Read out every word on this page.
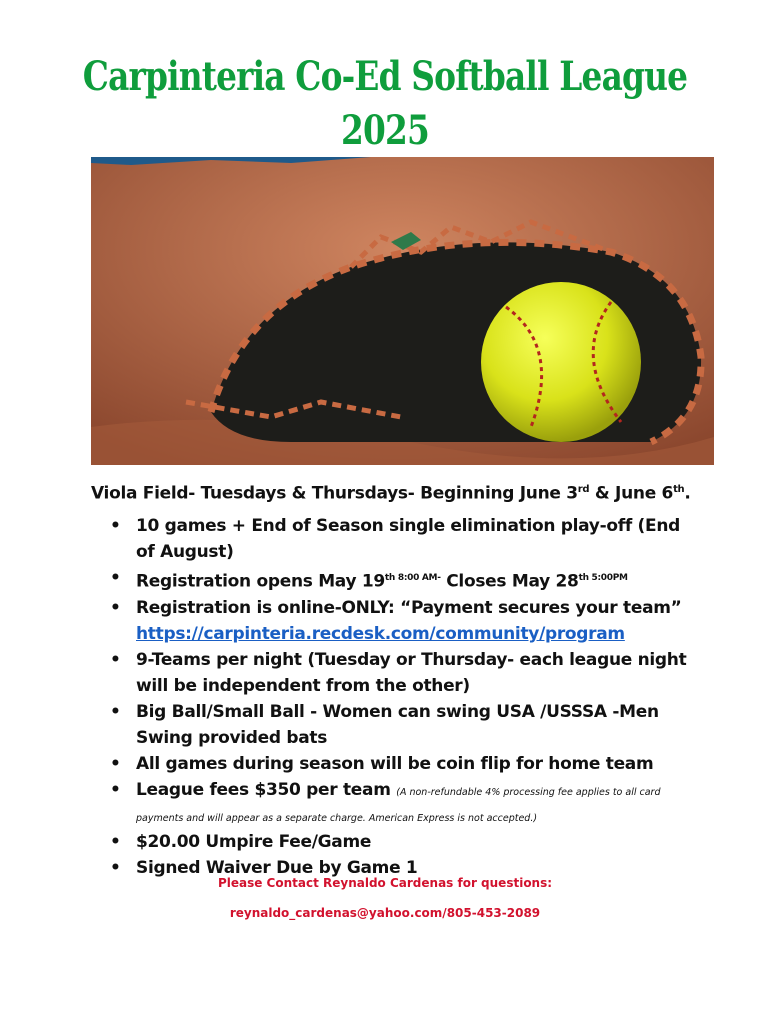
Carpinteria Co-Ed Softball League
2025
Viola Field- Tuesdays & Thursdays- Beginning June 3rd & June 6th.
• 10 games + End of Season single elimination play-off (End of August)
• Registration opens May $19^{th 8:00 AM-}$ Closes May $28^{th 5:00PM}$
• Registration is online-ONLY: “Payment secures your team”
https://carpinteria.recdesk.com/community/program
• 9-Teams per night (Tuesday or Thursday- each league night will be independent from the other)
• Big Ball/Small Ball - Women can swing USA /USSSA -Men Swing provided bats
• All games during season will be coin flip for home team
• League fees $350 per team (A non-refundable 4% processing fee applies to all card payments and will appear as a separate charge. American Express is not accepted.)
• $20.00 Umpire Fee/Game
• Signed Waiver Due by Game 1
Please Contact Reynaldo Cardenas for questions:
reynaldo_cardenas@yahoo.com/805-453-2089
